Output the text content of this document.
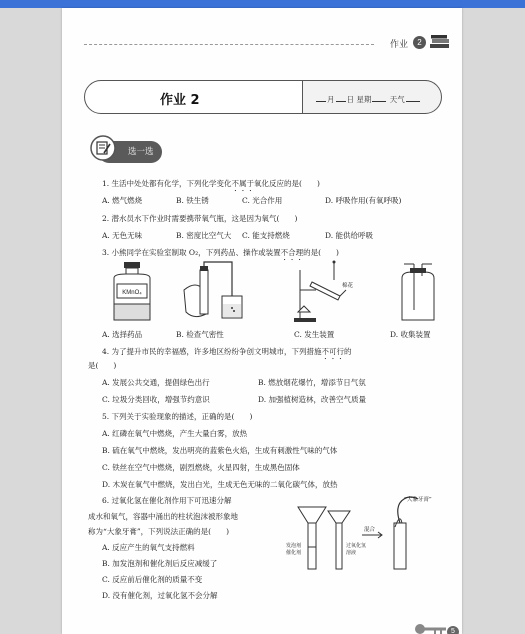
作业	2
作业 2	月 日 星期 天气
选一选
1. 生活中处处都有化学，下列化学变化不属于氧化反应的是(　　)
A. 燃气燃烧	B. 铁生锈	C. 光合作用	D. 呼吸作用(有氧呼吸)
2. 潜水员水下作业时需要携带氧气瓶，这是因为氧气(　　)
A. 无色无味	B. 密度比空气大 C. 能支持燃烧	D. 能供给呼吸
3. 小熊同学在实验室制取 O₂，下列药品、操作或装置不合理的是(　　)
KMnO₄
棉花
A. 选择药品	B. 检查气密性	C. 发生装置	D. 收集装置
4. 为了提升市民的幸福感，许多地区纷纷争创文明城市，下列措施不可行的
是(　　)
A. 发展公共交通，提倡绿色出行	B. 燃放烟花爆竹，增添节日气氛
C. 垃圾分类回收，增强节约意识	D. 加强植树造林，改善空气质量
5. 下列关于实验现象的描述，正确的是(　　)
A. 红磷在氧气中燃烧，产生大量白雾，放热
B. 硫在氧气中燃烧，发出明亮的蓝紫色火焰，生成有刺激性气味的气体
C. 铁丝在空气中燃烧，剧烈燃烧，火星四射，生成黑色固体
D. 木炭在氧气中燃烧，发出白光，生成无色无味的二氧化碳气体，放热
6. 过氧化氢在催化剂作用下可迅速分解
成水和氧气，容器中涌出的柱状泡沫被形象地
称为“大象牙膏”，下列说法正确的是(　　)
A. 反应产生的氧气支持燃料
B. 加发泡剂和催化剂后反应减缓了
C. 反应前后催化剂的质量不变
D. 没有催化剂，过氧化氢不会分解
发泡剂催化剂
过氧化氢溶液
混合
“大象牙膏”
5
